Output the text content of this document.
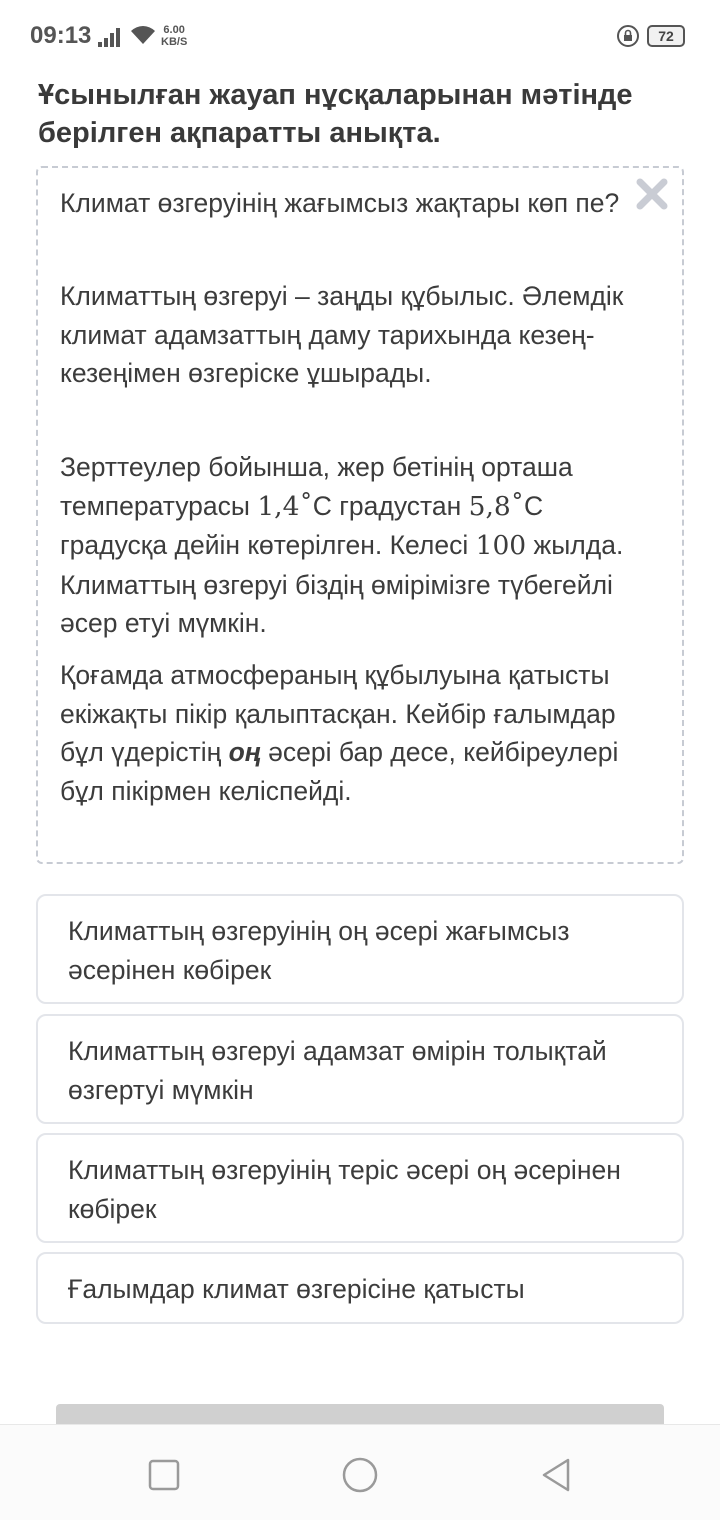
09:13	6.00
KB/S	72
Ұсынылған жауап нұсқаларынан мәтінде берілген ақпаратты анықта.
Климат өзгеруінің жағымсыз жақтары көп пе?
Климаттың өзгеруі – заңды құбылыс. Әлемдік климат адамзаттың даму тарихында кезең-кезеңімен өзгеріске ұшырады.
Зерттеулер бойынша, жер бетінің орташа температурасы 1,4˚C градустан 5,8˚C градусқа дейін көтерілген. Келесі 100 жылда. Климаттың өзгеруі біздің өмірімізге түбегейлі әсер етуі мүмкін.
Қоғамда атмосфераның құбылуына қатысты екіжақты пікір қалыптасқан. Кейбір ғалымдар бұл үдерістің оң әсері бар десе, кейбіреулері бұл пікірмен келіспейді.
Климаттың өзгеруінің оң әсері жағымсыз әсерінен көбірек
Климаттың өзгеруі адамзат өмірін толықтай өзгертуі мүмкін
Климаттың өзгеруінің теріс әсері оң әсерінен көбірек
Ғалымдар климат өзгерісіне қатысты
